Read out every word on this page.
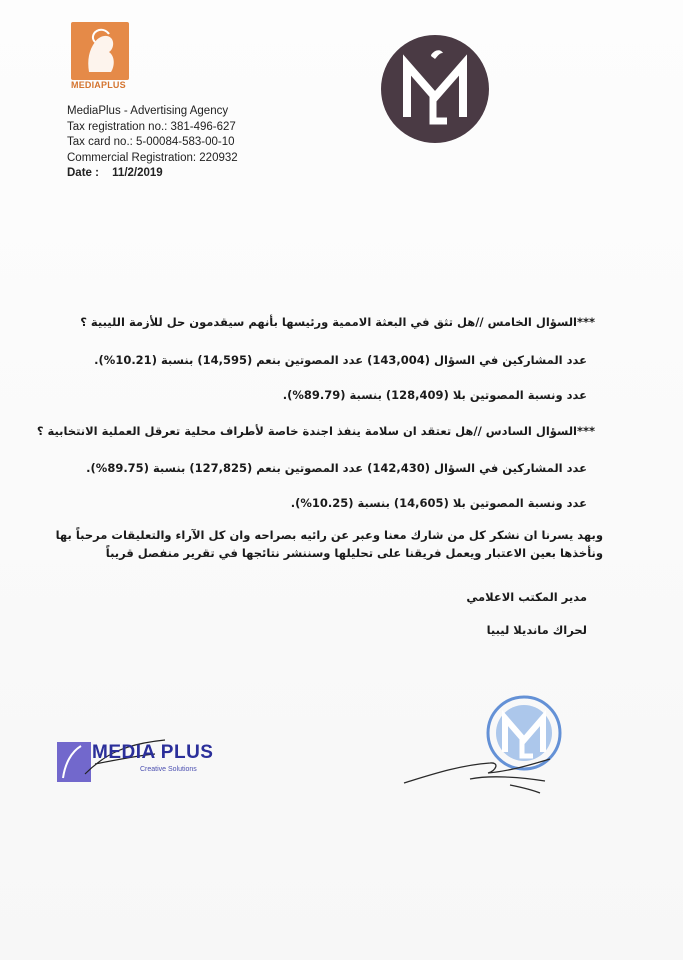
MEDIAPLUS
MediaPlus - Advertising Agency
Tax registration no.: 381-496-627
Tax card no.: 5-00084-583-00-10
Commercial Registration: 220932
Date : 11/2/2019
***السؤال الخامس //هل تثق في البعثة الاممية ورئيسها بأنهم سيقدمون حل للأزمة الليبية ؟
عدد المشاركين في السؤال (143,004) عدد المصوتين بنعم (14,595) بنسبة (10.21%).
عدد ونسبة المصوتين بلا (128,409) بنسبة (89.79%).
***السؤال السادس //هل تعتقد ان سلامة ينفذ اجندة خاصة لأطراف محلية تعرقل العملية الانتخابية ؟
عدد المشاركين في السؤال (142,430) عدد المصوتين بنعم (127,825) بنسبة (89.75%).
عدد ونسبة المصوتين بلا (14,605) بنسبة (10.25%).
وبهد يسرنا ان نشكر كل من شارك معنا وعبر عن رائيه بصراحه وان كل الآراء والتعليقات مرحباً بها
ونأخذها بعين الاعتبار ويعمل فريقنا على تحليلها وسننشر نتائجها في تقرير منفصل قريباً
مدير المكتب الاعلامي
لحراك مانديلا ليبيا
MEDIA PLUS
Creative Solutions
